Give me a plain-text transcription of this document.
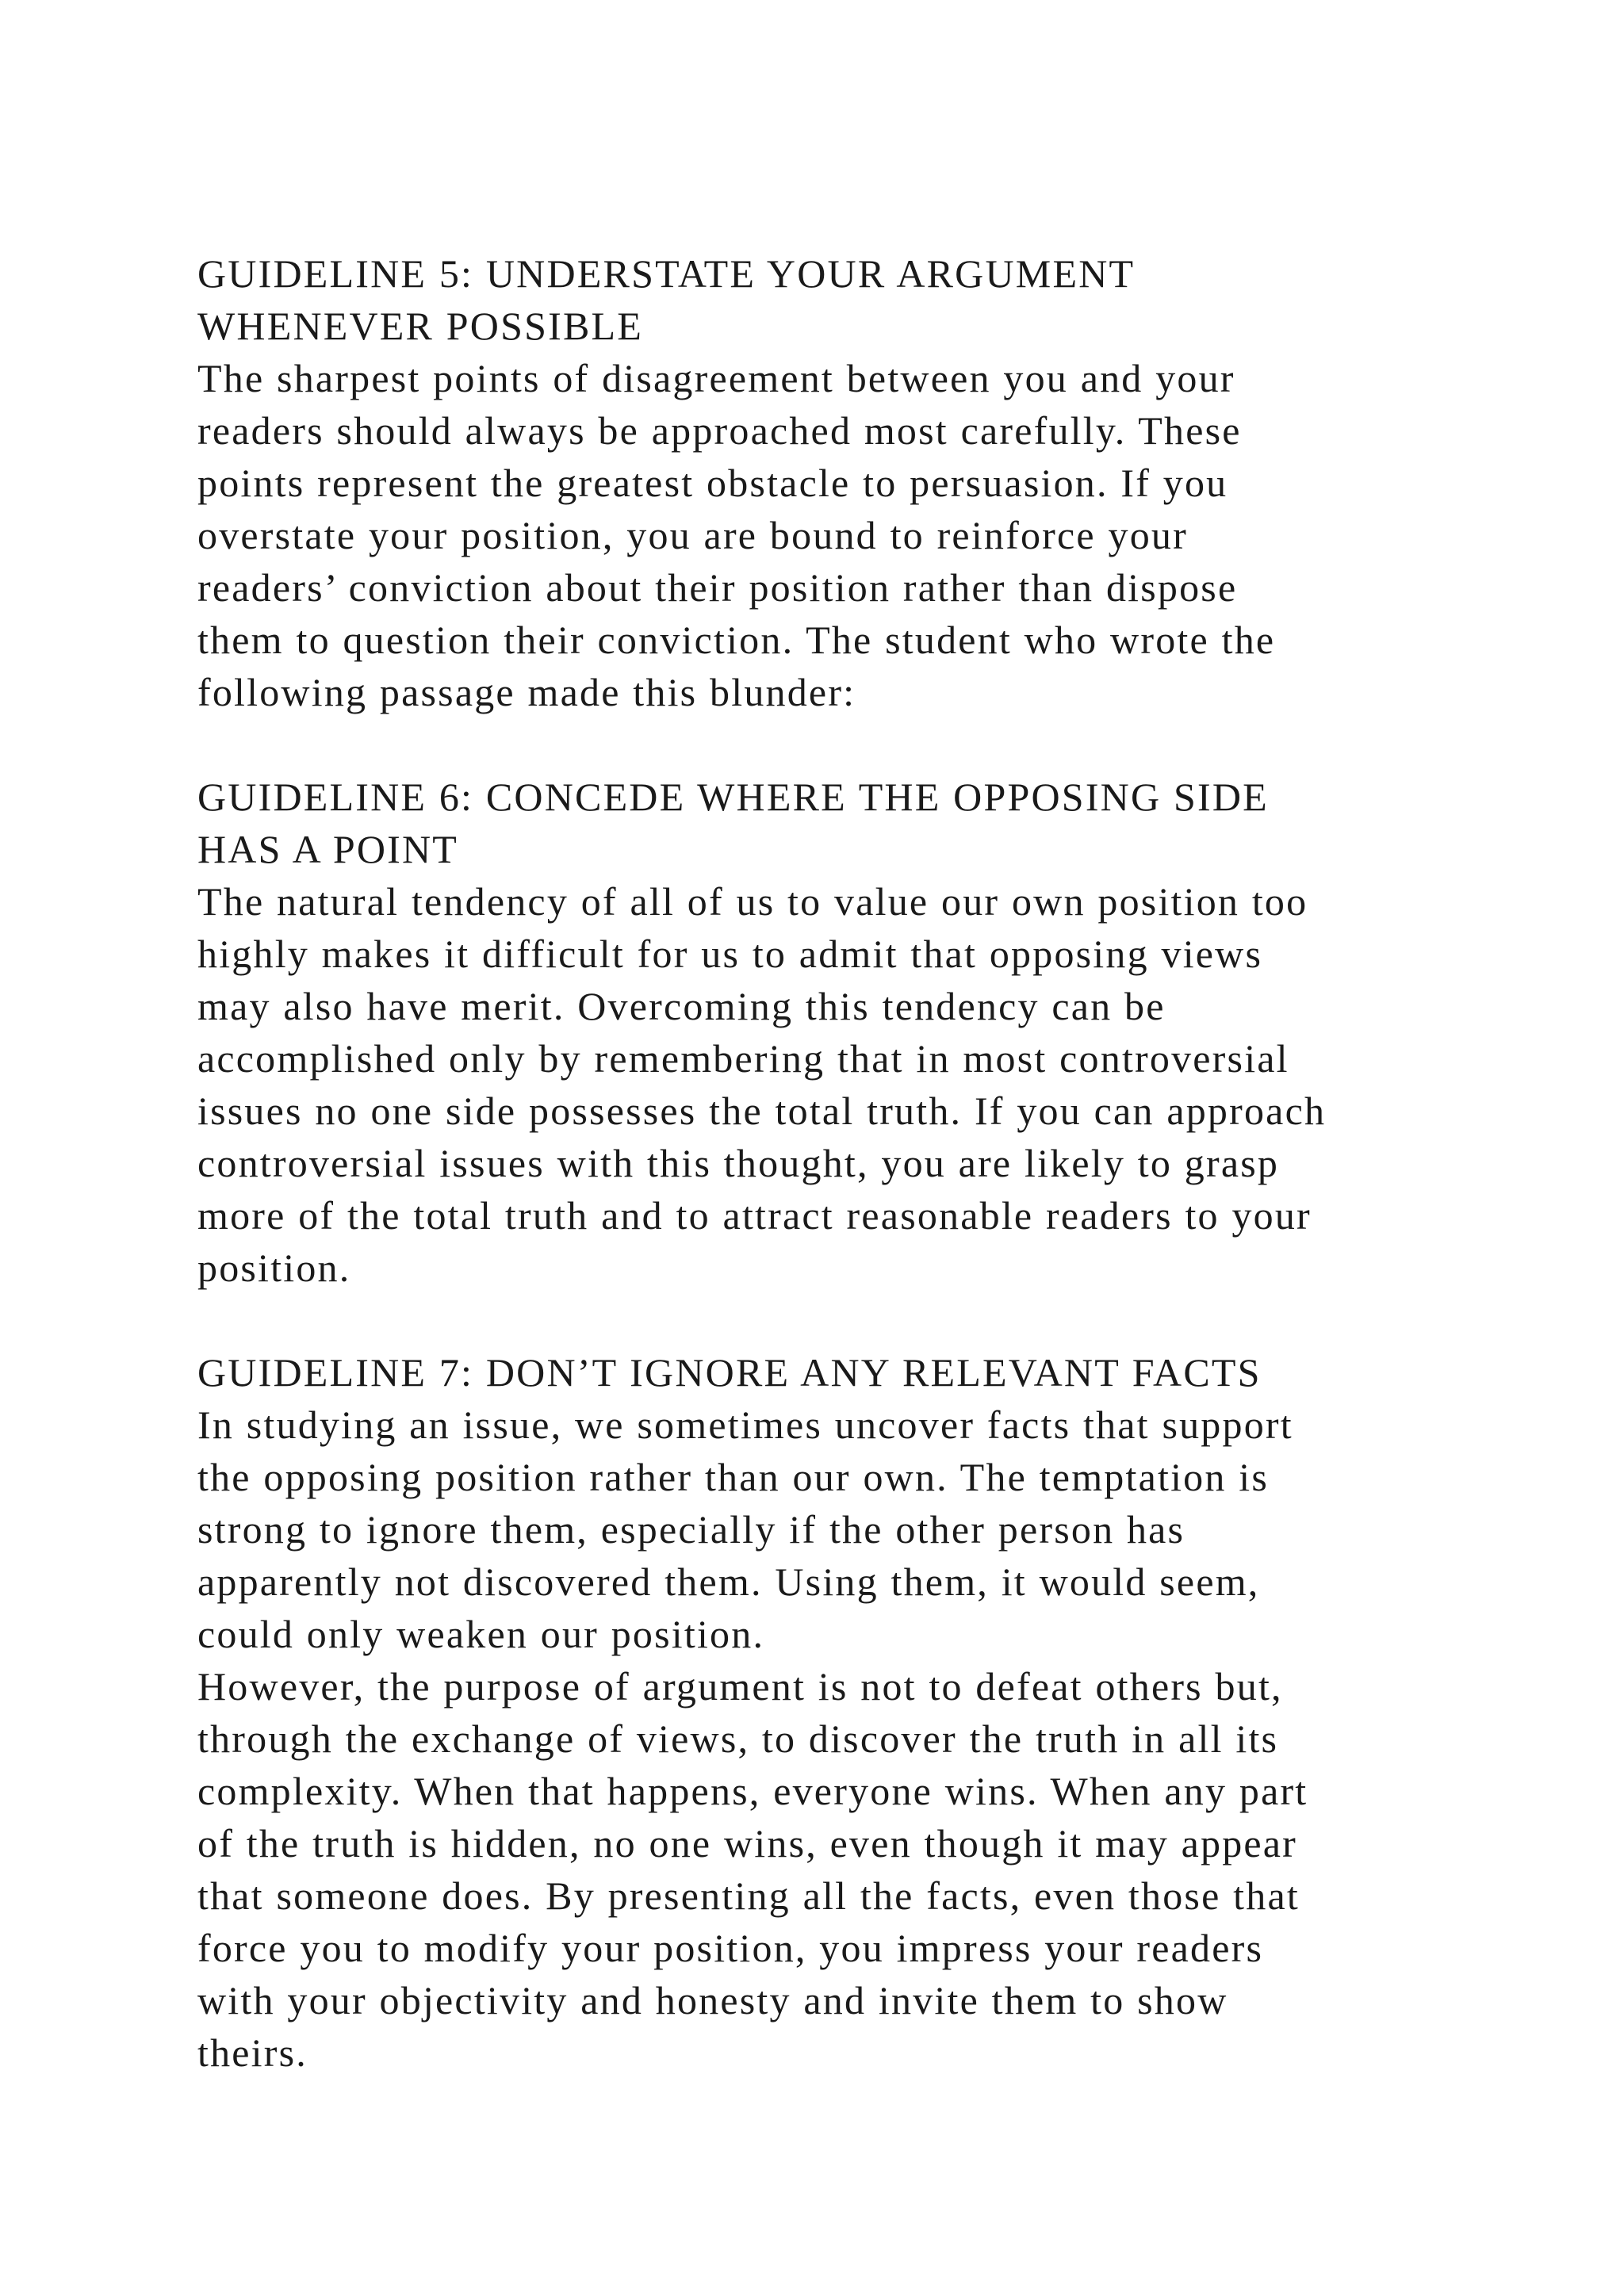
GUIDELINE 5: UNDERSTATE YOUR ARGUMENT
WHENEVER POSSIBLE
The sharpest points of disagreement between you and your
readers should always be approached most carefully. These
points represent the greatest obstacle to persuasion. If you
overstate your position, you are bound to reinforce your
readers’ conviction about their position rather than dispose
them to question their conviction. The student who wrote the
following passage made this blunder:
GUIDELINE 6: CONCEDE WHERE THE OPPOSING SIDE
HAS A POINT
The natural tendency of all of us to value our own position too
highly makes it difficult for us to admit that opposing views
may also have merit. Overcoming this tendency can be
accomplished only by remembering that in most controversial
issues no one side possesses the total truth. If you can approach
controversial issues with this thought, you are likely to grasp
more of the total truth and to attract reasonable readers to your
position.
GUIDELINE 7: DON’T IGNORE ANY RELEVANT FACTS
In studying an issue, we sometimes uncover facts that support
the opposing position rather than our own. The temptation is
strong to ignore them, especially if the other person has
apparently not discovered them. Using them, it would seem,
could only weaken our position.
However, the purpose of argument is not to defeat others but,
through the exchange of views, to discover the truth in all its
complexity. When that happens, everyone wins. When any part
of the truth is hidden, no one wins, even though it may appear
that someone does. By presenting all the facts, even those that
force you to modify your position, you impress your readers
with your objectivity and honesty and invite them to show
theirs.
